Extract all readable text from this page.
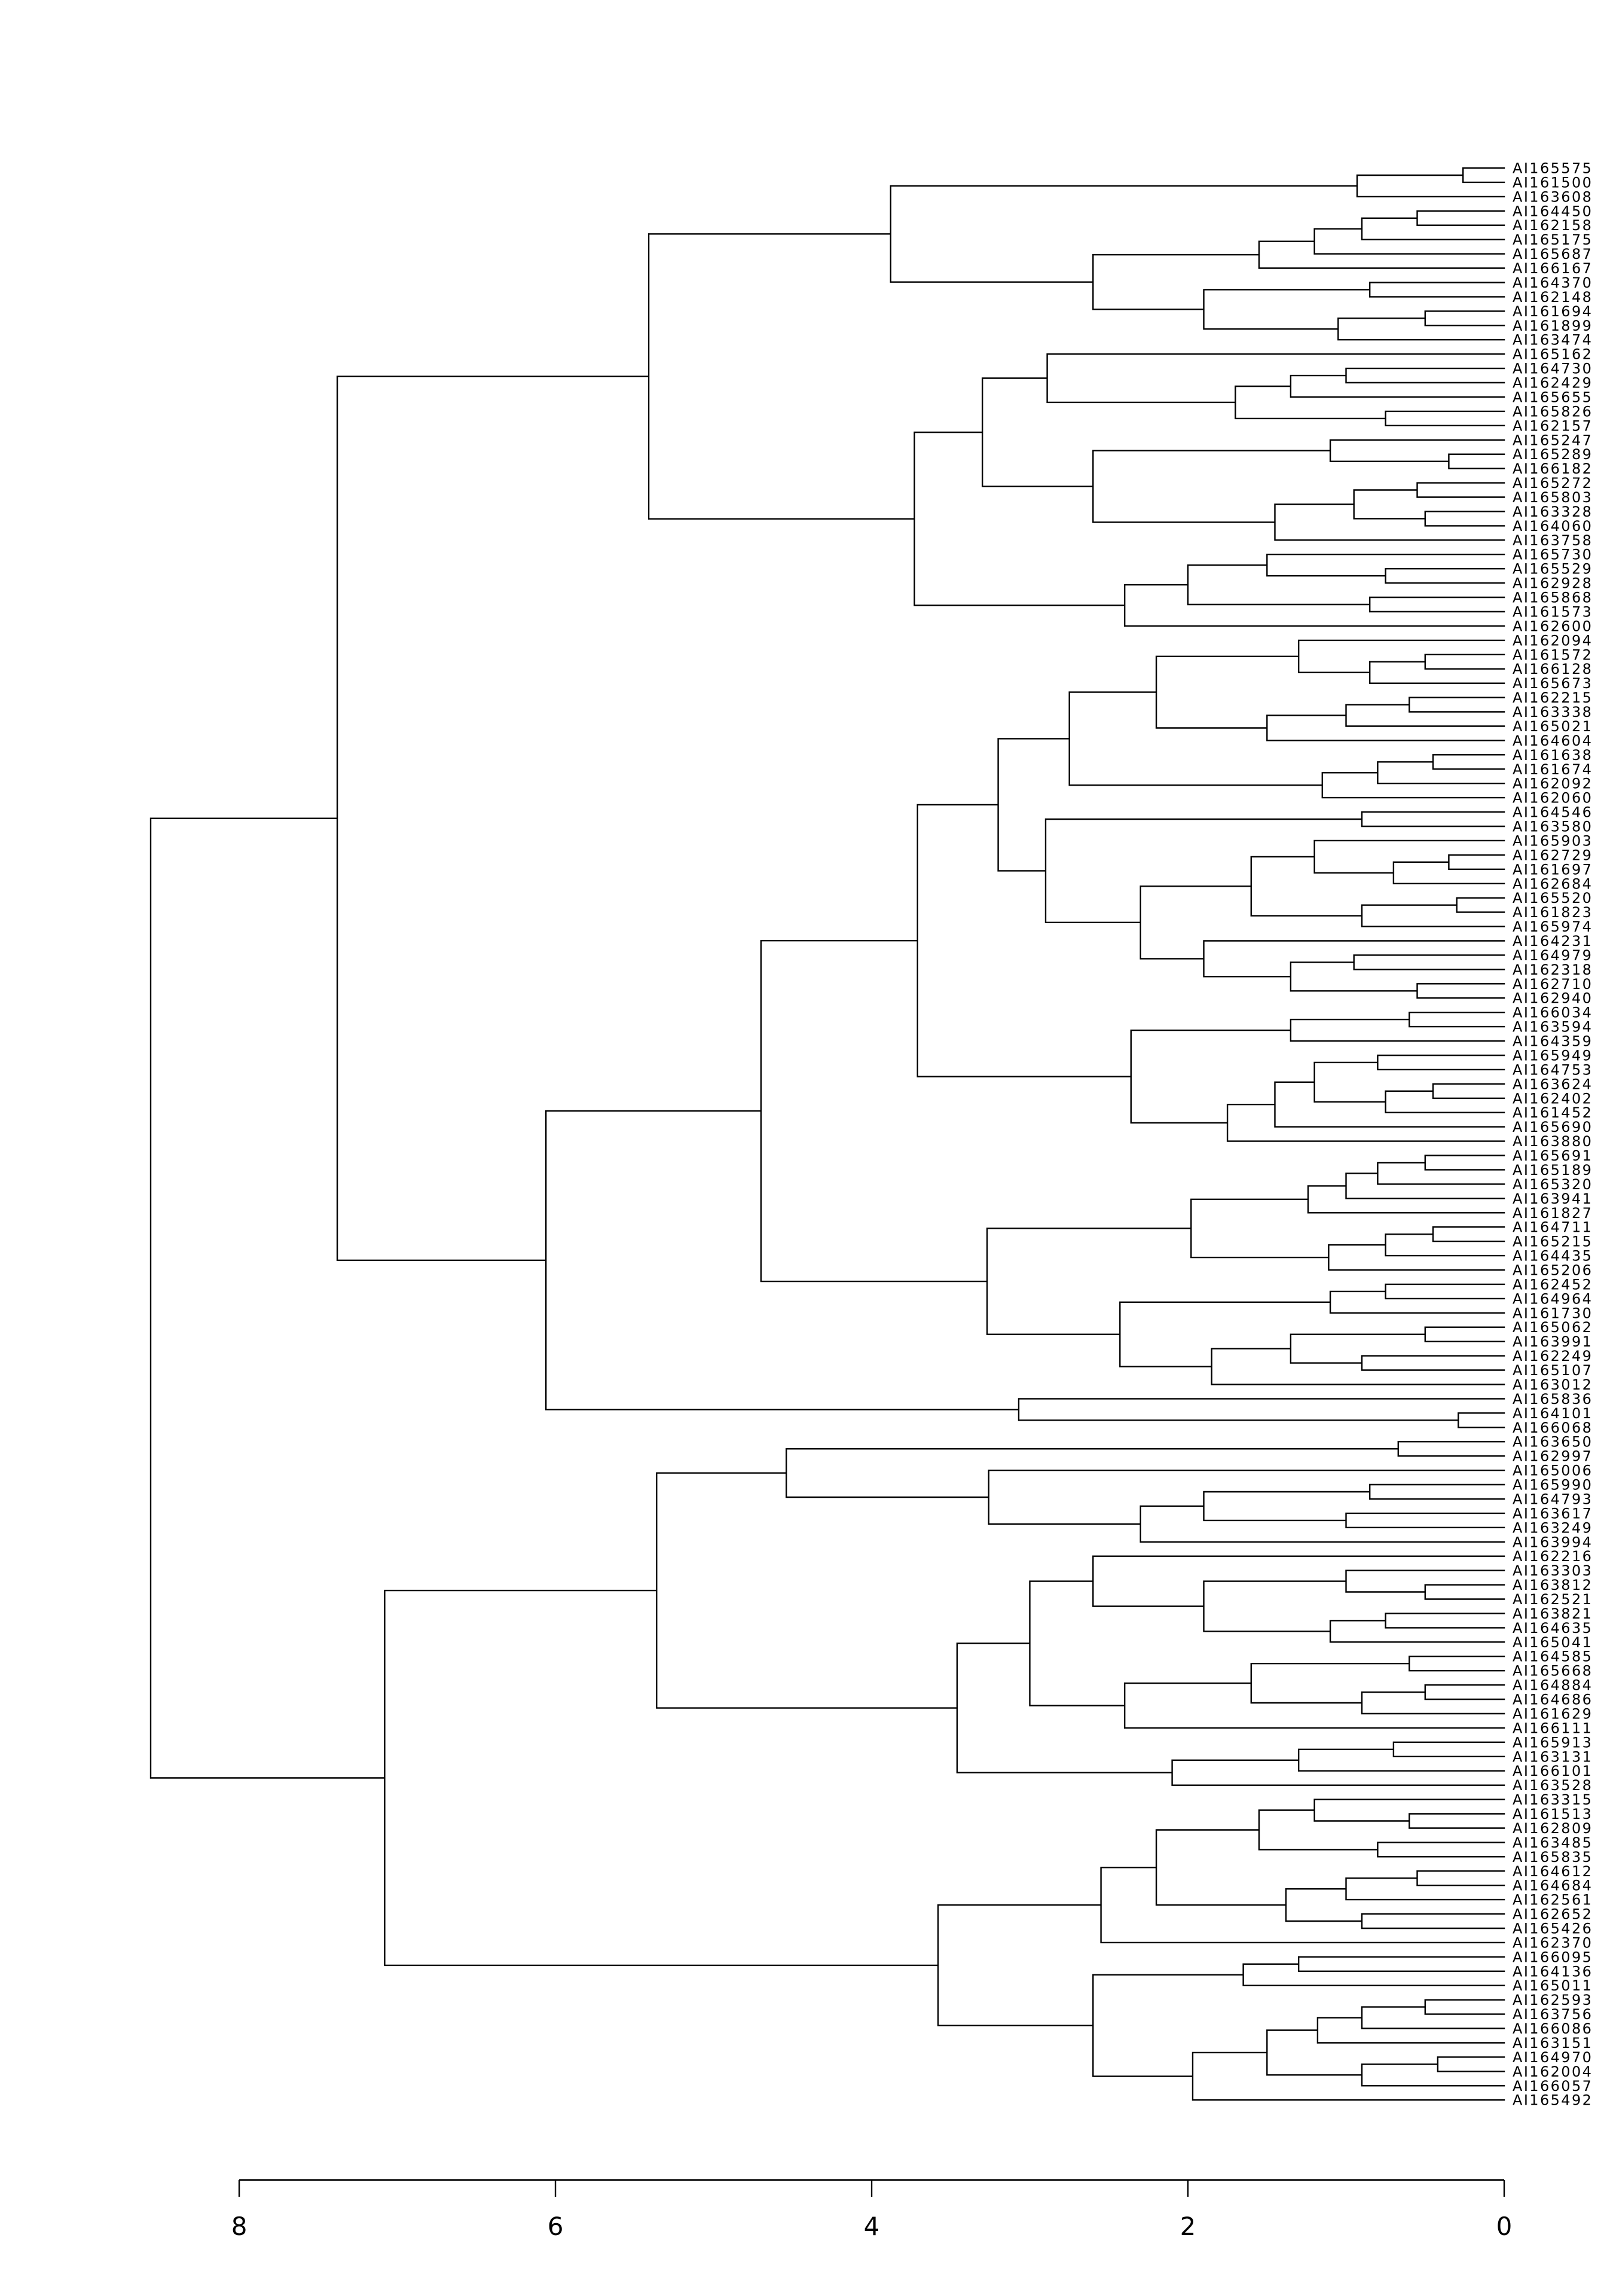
AI165575
AI161500
AI163608
AI164450
AI162158
AI165175
AI165687
AI166167
AI164370
AI162148
AI161694
AI161899
AI163474
AI165162
AI164730
AI162429
AI165655
AI165826
AI162157
AI165247
AI165289
AI166182
AI165272
AI165803
AI163328
AI164060
AI163758
AI165730
AI165529
AI162928
AI165868
AI161573
AI162600
AI162094
AI161572
AI166128
AI165673
AI162215
AI163338
AI165021
AI164604
AI161638
AI161674
AI162092
AI162060
AI164546
AI163580
AI165903
AI162729
AI161697
AI162684
AI165520
AI161823
AI165974
AI164231
AI164979
AI162318
AI162710
AI162940
AI166034
AI163594
AI164359
AI165949
AI164753
AI163624
AI162402
AI161452
AI165690
AI163880
AI165691
AI165189
AI165320
AI163941
AI161827
AI164711
AI165215
AI164435
AI165206
AI162452
AI164964
AI161730
AI165062
AI163991
AI162249
AI165107
AI163012
AI165836
AI164101
AI166068
AI163650
AI162997
AI165006
AI165990
AI164793
AI163617
AI163249
AI163994
AI162216
AI163303
AI163812
AI162521
AI163821
AI164635
AI165041
AI164585
AI165668
AI164884
AI164686
AI161629
AI166111
AI165913
AI163131
AI166101
AI163528
AI163315
AI161513
AI162809
AI163485
AI165835
AI164612
AI164684
AI162561
AI162652
AI165426
AI162370
AI166095
AI164136
AI165011
AI162593
AI163756
AI166086
AI163151
AI164970
AI162004
AI166057
AI165492
8	6	4	2	0
